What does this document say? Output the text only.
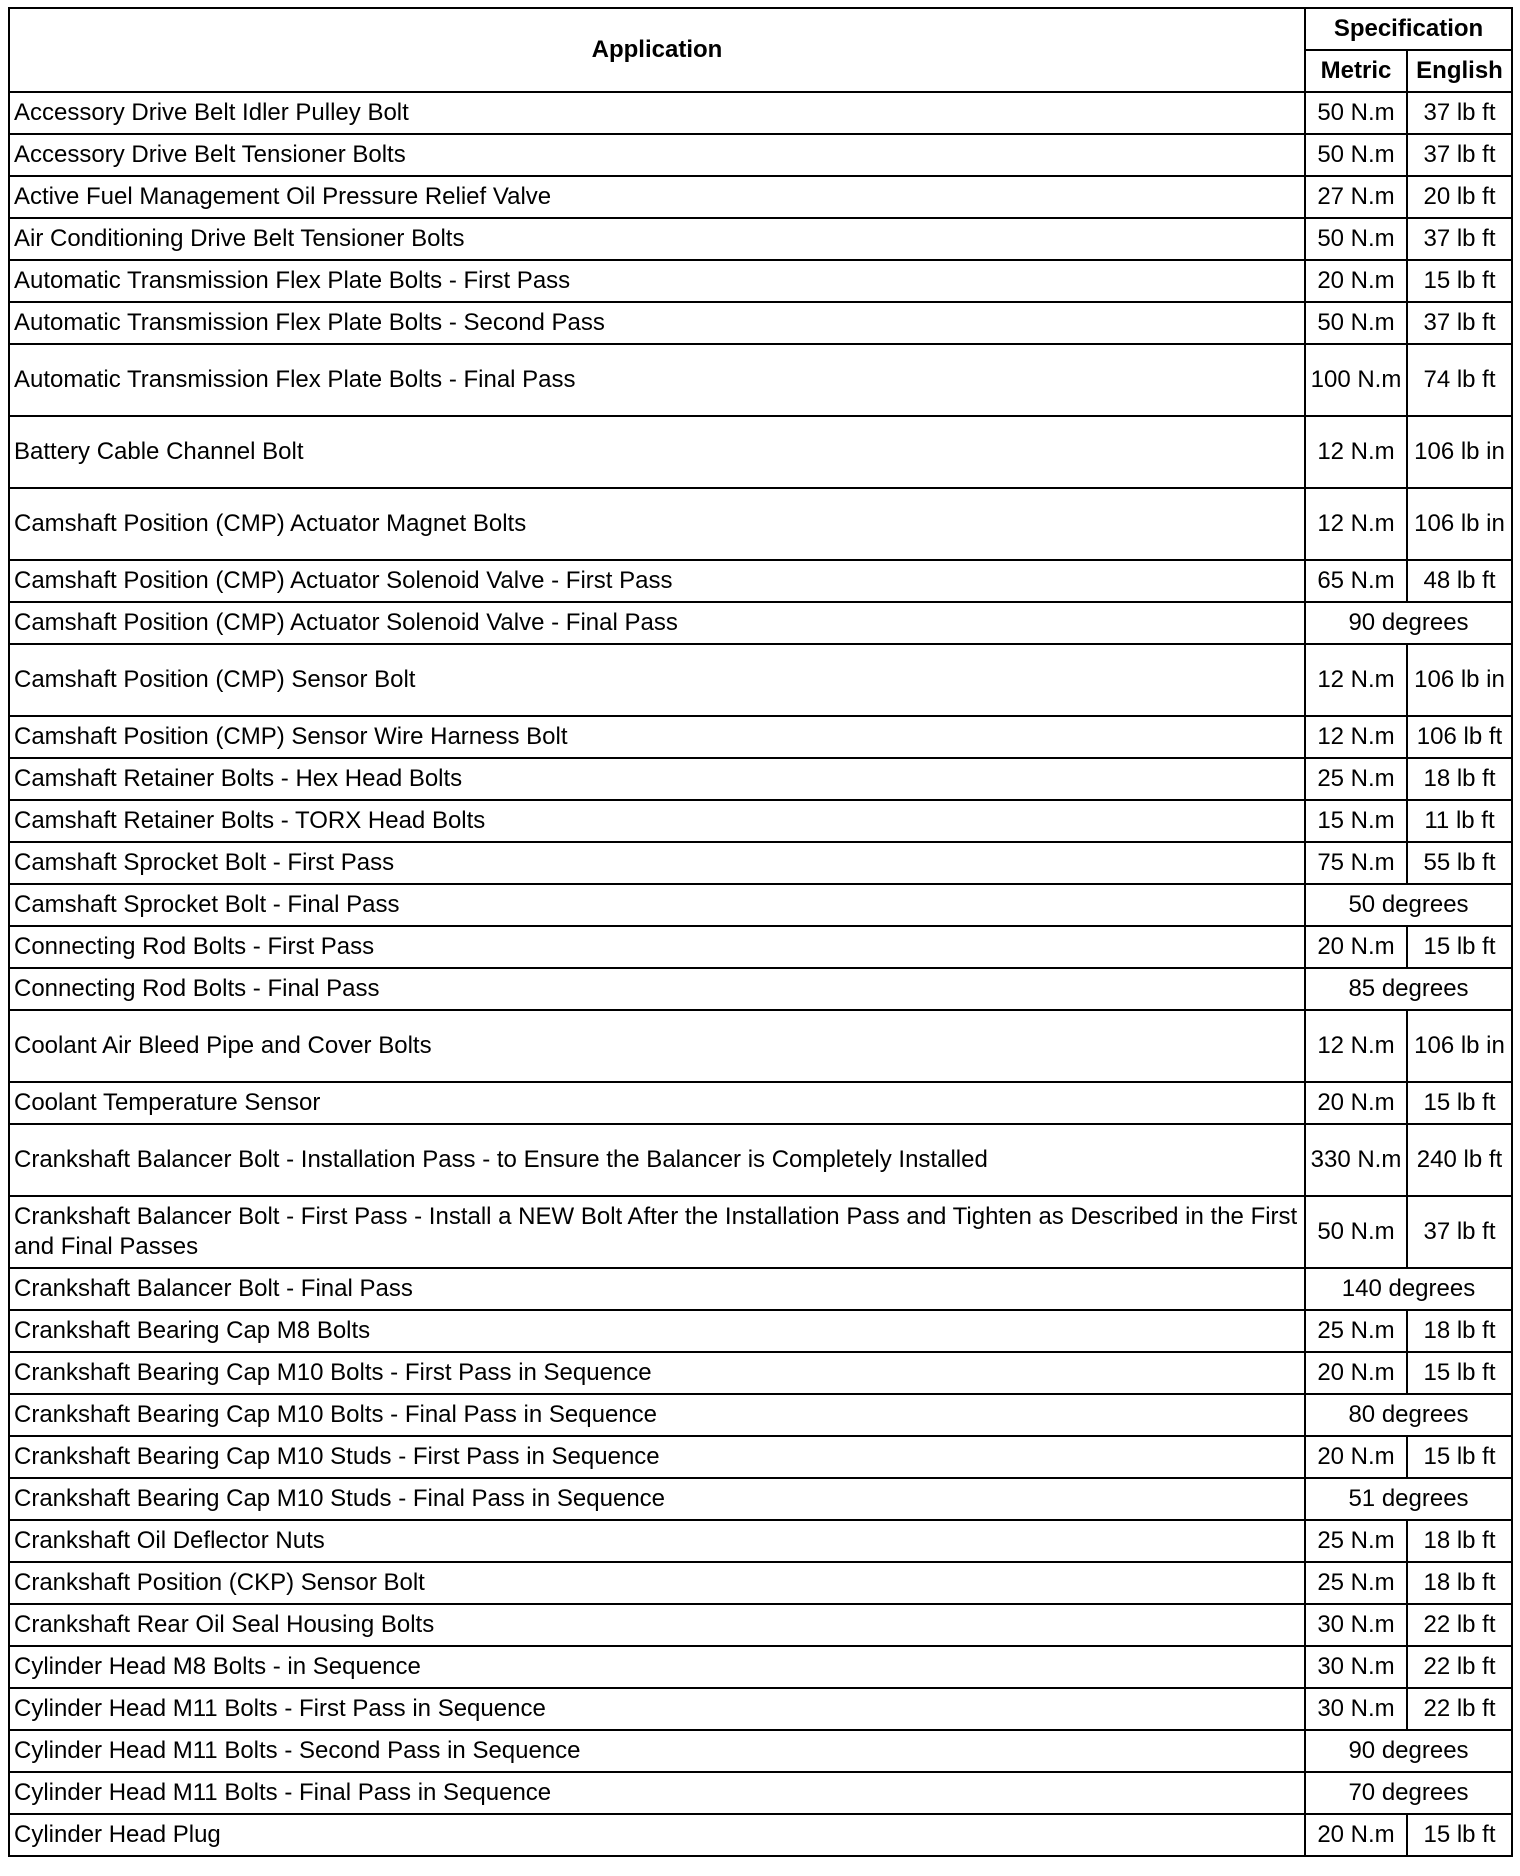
Application	Specification	
	Metric	English
Accessory Drive Belt Idler Pulley Bolt	50 N.m	37 lb ft
Accessory Drive Belt Tensioner Bolts	50 N.m	37 lb ft
Active Fuel Management Oil Pressure Relief Valve	27 N.m	20 lb ft
Air Conditioning Drive Belt Tensioner Bolts	50 N.m	37 lb ft
Automatic Transmission Flex Plate Bolts - First Pass	20 N.m	15 lb ft
Automatic Transmission Flex Plate Bolts - Second Pass	50 N.m	37 lb ft
Automatic Transmission Flex Plate Bolts - Final Pass	100 N.m	74 lb ft
Battery Cable Channel Bolt	12 N.m	106 lb in
Camshaft Position (CMP) Actuator Magnet Bolts	12 N.m	106 lb in
Camshaft Position (CMP) Actuator Solenoid Valve - First Pass	65 N.m	48 lb ft
Camshaft Position (CMP) Actuator Solenoid Valve - Final Pass	90 degrees	
Camshaft Position (CMP) Sensor Bolt	12 N.m	106 lb in
Camshaft Position (CMP) Sensor Wire Harness Bolt	12 N.m	106 lb ft
Camshaft Retainer Bolts - Hex Head Bolts	25 N.m	18 lb ft
Camshaft Retainer Bolts - TORX Head Bolts	15 N.m	11 lb ft
Camshaft Sprocket Bolt - First Pass	75 N.m	55 lb ft
Camshaft Sprocket Bolt - Final Pass	50 degrees	
Connecting Rod Bolts - First Pass	20 N.m	15 lb ft
Connecting Rod Bolts - Final Pass	85 degrees	
Coolant Air Bleed Pipe and Cover Bolts	12 N.m	106 lb in
Coolant Temperature Sensor	20 N.m	15 lb ft
Crankshaft Balancer Bolt - Installation Pass - to Ensure the Balancer is Completely Installed	330 N.m	240 lb ft
Crankshaft Balancer Bolt - First Pass - Install a NEW Bolt After the Installation Pass and Tighten as Described in the First and Final Passes	50 N.m	37 lb ft
Crankshaft Balancer Bolt - Final Pass	140 degrees	
Crankshaft Bearing Cap M8 Bolts	25 N.m	18 lb ft
Crankshaft Bearing Cap M10 Bolts - First Pass in Sequence	20 N.m	15 lb ft
Crankshaft Bearing Cap M10 Bolts - Final Pass in Sequence	80 degrees	
Crankshaft Bearing Cap M10 Studs - First Pass in Sequence	20 N.m	15 lb ft
Crankshaft Bearing Cap M10 Studs - Final Pass in Sequence	51 degrees	
Crankshaft Oil Deflector Nuts	25 N.m	18 lb ft
Crankshaft Position (CKP) Sensor Bolt	25 N.m	18 lb ft
Crankshaft Rear Oil Seal Housing Bolts	30 N.m	22 lb ft
Cylinder Head M8 Bolts - in Sequence	30 N.m	22 lb ft
Cylinder Head M11 Bolts - First Pass in Sequence	30 N.m	22 lb ft
Cylinder Head M11 Bolts - Second Pass in Sequence	90 degrees	
Cylinder Head M11 Bolts - Final Pass in Sequence	70 degrees	
Cylinder Head Plug	20 N.m	15 lb ft
